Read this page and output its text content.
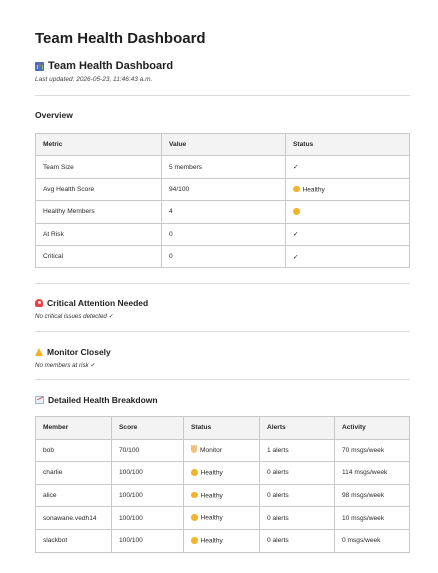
Team Health Dashboard
Team Health Dashboard
Last updated: 2026-05-23, 11:46:43 a.m.
Overview
Metric	Value	Status
Team Size	5 members	✓
Avg Health Score	94/100	Healthy
Healthy Members	4	
At Risk	0	✓
Critical	0	✓
Critical Attention Needed
No critical issues detected ✓
Monitor Closely
No members at risk ✓
Detailed Health Breakdown
Member	Score	Status	Alerts	Activity
bob	70/100	Monitor	1 alerts	70 msgs/week
charlie	100/100	Healthy	0 alerts	114 msgs/week
alice	100/100	Healthy	0 alerts	98 msgs/week
sonawane.vedh14	100/100	Healthy	0 alerts	10 msgs/week
slackbot	100/100	Healthy	0 alerts	0 msgs/week
